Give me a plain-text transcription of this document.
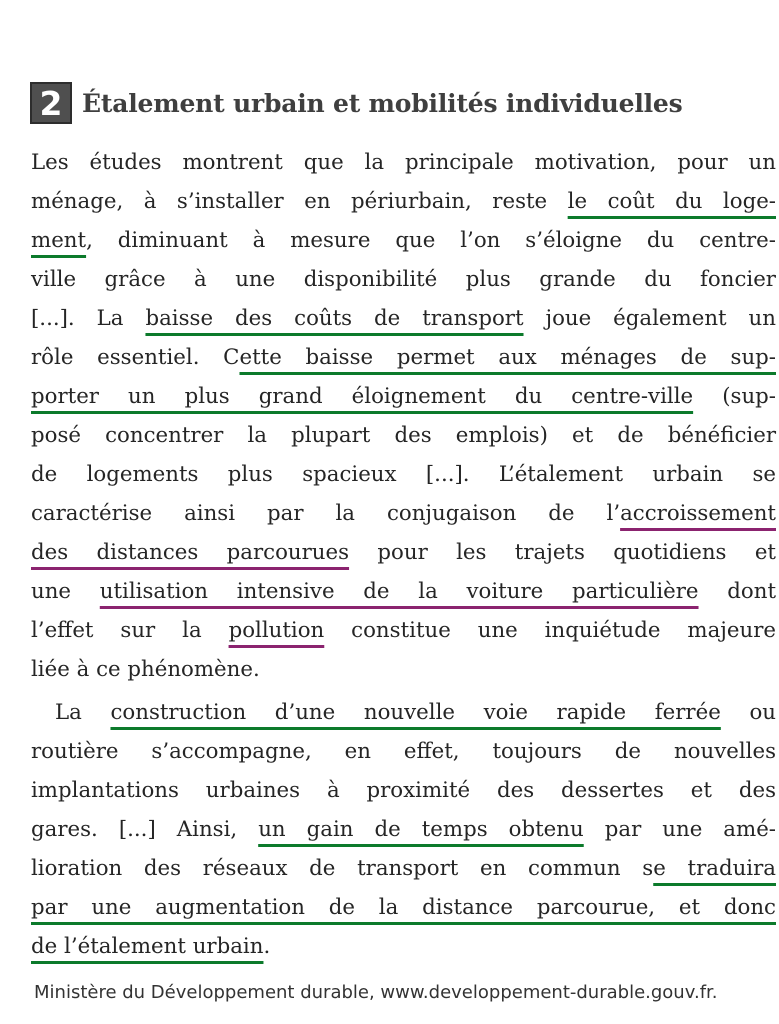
2 Étalement urbain et mobilités individuelles
Les études montrent que la principale motivation, pour un
ménage, à s’installer en périurbain, reste le coût du loge-
ment, diminuant à mesure que l’on s’éloigne du centre-
ville grâce à une disponibilité plus grande du foncier
[...]. La baisse des coûts de transport joue également un
rôle essentiel. Cette baisse permet aux ménages de sup-
porter un plus grand éloignement du centre-ville (sup-
posé concentrer la plupart des emplois) et de bénéficier
de logements plus spacieux [...]. L’étalement urbain se
caractérise ainsi par la conjugaison de l’accroissement
des distances parcourues pour les trajets quotidiens et
une utilisation intensive de la voiture particulière dont
l’effet sur la pollution constitue une inquiétude majeure
liée à ce phénomène.
La construction d’une nouvelle voie rapide ferrée ou
routière s’accompagne, en effet, toujours de nouvelles
implantations urbaines à proximité des dessertes et des
gares. [...] Ainsi, un gain de temps obtenu par une amé-
lioration des réseaux de transport en commun se traduira
par une augmentation de la distance parcourue, et donc
de l’étalement urbain.
Ministère du Développement durable, www.developpement-durable.gouv.fr.
